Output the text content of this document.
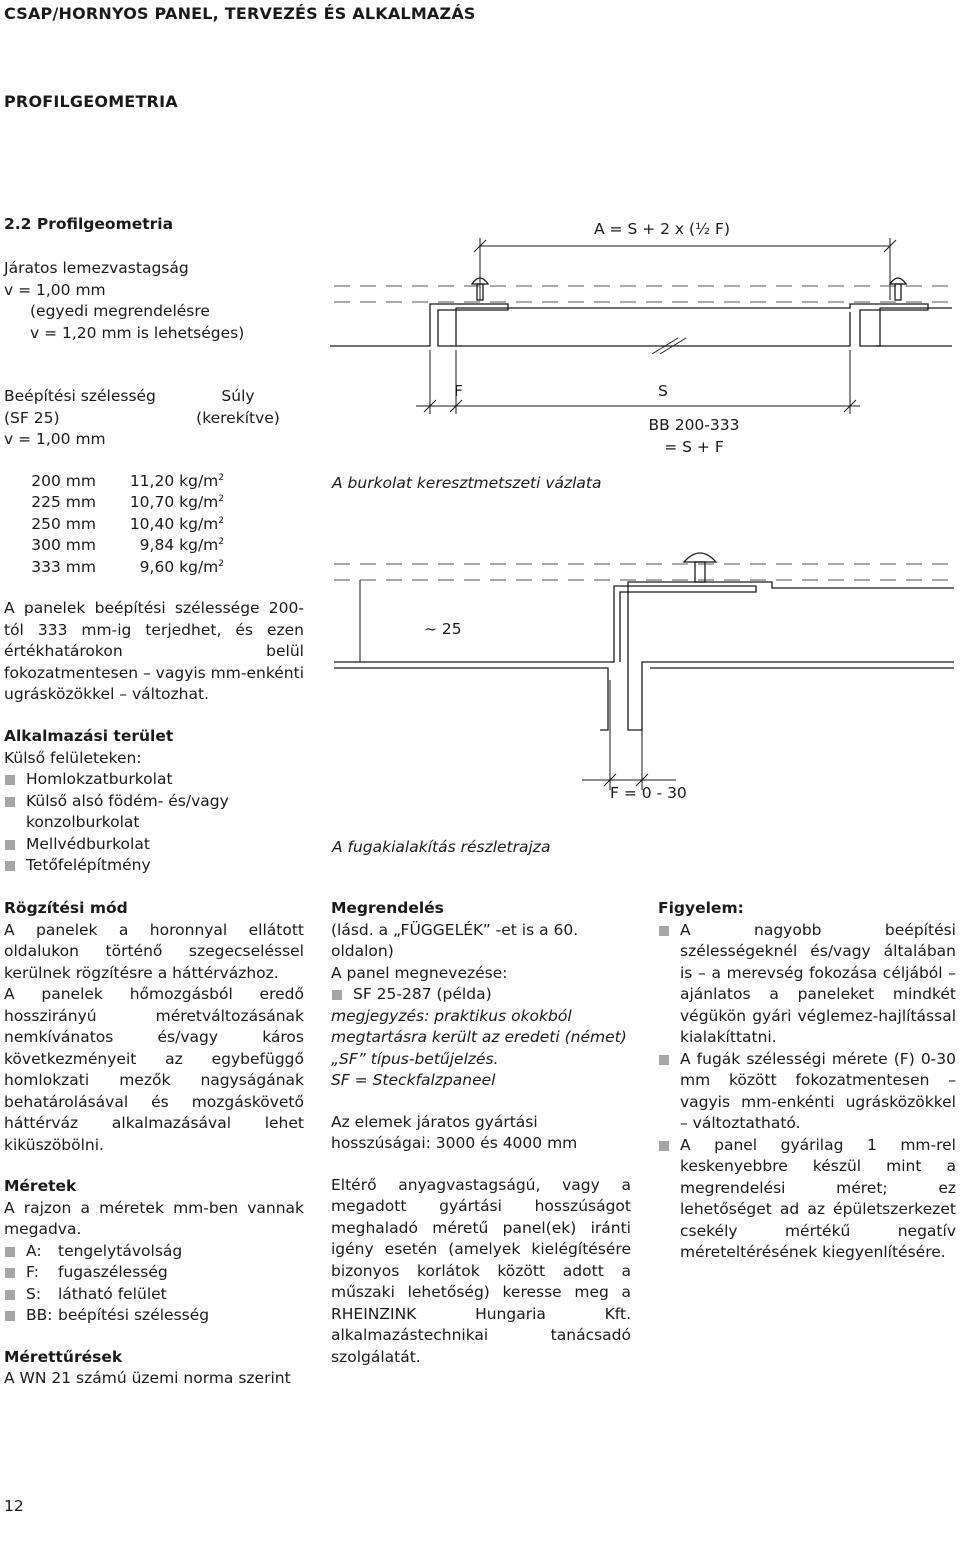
CSAP/HORNYOS PANEL, TERVEZÉS ÉS ALKALMAZÁS
PROFILGEOMETRIA
2.2 Profilgeometria
Járatos lemezvastagság
v = 1,00 mm
(egyedi megrendelésre
v = 1,20 mm is lehetséges)
Beépítési szélesség	Súly
(SF 25)	(kerekítve)
v = 1,00 mm
200 mm	11,20 $kg/m^2$
225 mm	10,70 $kg/m^2$
250 mm	10,40 $kg/m^2$
300 mm	9,84 $kg/m^2$
333 mm	9,60 $kg/m^2$
A panelek beépítési szélessége 200-tól 333 mm-ig terjedhet, és ezen értékhatárokon belül fokozatmentesen – vagyis mm-enkénti ugrásközökkel – változhat.
Alkalmazási terület
Külső felületeken:
Homlokzatburkolat
Külső alsó födém- és/vagy konzolburkolat
Mellvédburkolat
Tetőfelépítmény
A = S + 2 x (½ F)
F	S
BB 200-333
= S + F
A burkolat keresztmetszeti vázlata
~ 25
F = 0 - 30
A fugakialakítás részletrajza
Rögzítési mód
A panelek a horonnyal ellátott oldalukon történő szegecseléssel kerülnek rögzítésre a háttérvázhoz.
A panelek hőmozgásból eredő hosszirányú méretváltozásának nemkívánatos és/vagy káros következményeit az egybefüggő homlokzati mezők nagyságának behatárolásával és mozgáskövető háttérváz alkalmazásával lehet kiküszöbölni.
Méretek
A rajzon a méretek mm-ben vannak megadva.
A:	tengelytávolság
F:	fugaszélesség
S:	látható felület
BB: beépítési szélesség
Mérettűrések
A WN 21 számú üzemi norma szerint
Megrendelés
(lásd. a „FÜGGELÉK” -et is a 60. oldalon)
A panel megnevezése:
SF 25-287 (példa)
megjegyzés: praktikus okokból megtartásra került az eredeti (német) „SF” típus-betűjelzés.
SF = Steckfalzpaneel
Az elemek járatos gyártási hosszúságai: 3000 és 4000 mm
Eltérő anyagvastagságú, vagy a megadott gyártási hosszúságot meghaladó méretű panel(ek) iránti igény esetén (amelyek kielégítésére bizonyos korlátok között adott a műszaki lehetőség) keresse meg a RHEINZINK Hungaria Kft. alkalmazástechnikai tanácsadó szolgálatát.
Figyelem:
A nagyobb beépítési szélességeknél és/vagy általában is – a merevség fokozása céljából – ajánlatos a paneleket mindkét végükön gyári véglemez-hajlítással kialakíttatni.
A fugák szélességi mérete (F) 0-30 mm között fokozatmentesen – vagyis mm-enkénti ugrásközökkel – változtatható.
A panel gyárilag 1 mm-rel keskenyebbre készül mint a megrendelési méret; ez lehetőséget ad az épületszerkezet csekély mértékű negatív méreteltérésének kiegyenlítésére.
12
